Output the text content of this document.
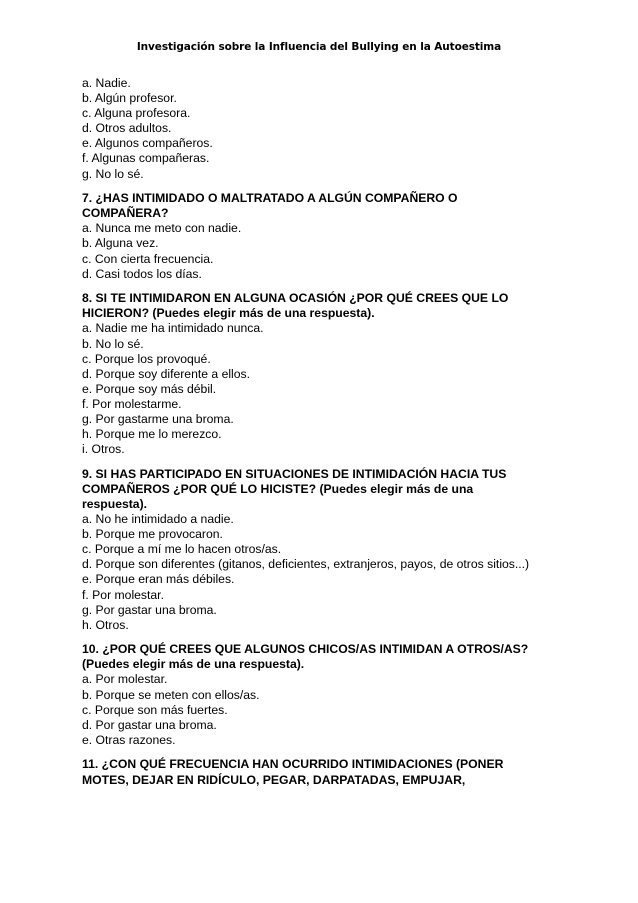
Investigación sobre la Influencia del Bullying en la Autoestima
a. Nadie.
b. Algún profesor.
c. Alguna profesora.
d. Otros adultos.
e. Algunos compañeros.
f. Algunas compañeras.
g. No lo sé.
7. ¿HAS INTIMIDADO O MALTRATADO A ALGÚN COMPAÑERO O
COMPAÑERA?
a. Nunca me meto con nadie.
b. Alguna vez.
c. Con cierta frecuencia.
d. Casi todos los días.
8. SI TE INTIMIDARON EN ALGUNA OCASIÓN ¿POR QUÉ CREES QUE LO
HICIERON? (Puedes elegir más de una respuesta).
a. Nadie me ha intimidado nunca.
b. No lo sé.
c. Porque los provoqué.
d. Porque soy diferente a ellos.
e. Porque soy más débil.
f. Por molestarme.
g. Por gastarme una broma.
h. Porque me lo merezco.
i. Otros.
9. SI HAS PARTICIPADO EN SITUACIONES DE INTIMIDACIÓN HACIA TUS
COMPAÑEROS ¿POR QUÉ LO HICISTE? (Puedes elegir más de una
respuesta).
a. No he intimidado a nadie.
b. Porque me provocaron.
c. Porque a mí me lo hacen otros/as.
d. Porque son diferentes (gitanos, deficientes, extranjeros, payos, de otros sitios...)
e. Porque eran más débiles.
f. Por molestar.
g. Por gastar una broma.
h. Otros.
10. ¿POR QUÉ CREES QUE ALGUNOS CHICOS/AS INTIMIDAN A OTROS/AS?
(Puedes elegir más de una respuesta).
a. Por molestar.
b. Porque se meten con ellos/as.
c. Porque son más fuertes.
d. Por gastar una broma.
e. Otras razones.
11. ¿CON QUÉ FRECUENCIA HAN OCURRIDO INTIMIDACIONES (PONER
MOTES, DEJAR EN RIDÍCULO, PEGAR, DARPATADAS, EMPUJAR,
